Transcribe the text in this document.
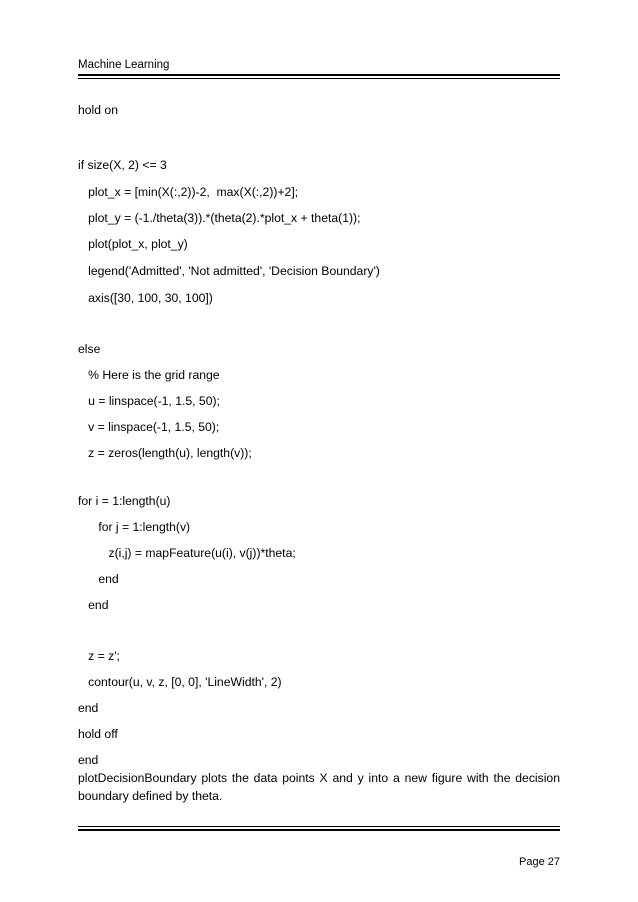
Machine Learning
hold on
if size(X, 2) <= 3
plot_x = [min(X(:,2))-2,  max(X(:,2))+2];
plot_y = (-1./theta(3)).*(theta(2).*plot_x + theta(1));
plot(plot_x, plot_y)
legend('Admitted', 'Not admitted', 'Decision Boundary')
axis([30, 100, 30, 100])
else
% Here is the grid range
u = linspace(-1, 1.5, 50);
v = linspace(-1, 1.5, 50);
z = zeros(length(u), length(v));
for i = 1:length(u)
for j = 1:length(v)
z(i,j) = mapFeature(u(i), v(j))*theta;
end
end
z = z';
contour(u, v, z, [0, 0], 'LineWidth', 2)
end
hold off
end
plotDecisionBoundary plots the data points X and y into a new figure with the decision boundary defined by theta.
Page 27
